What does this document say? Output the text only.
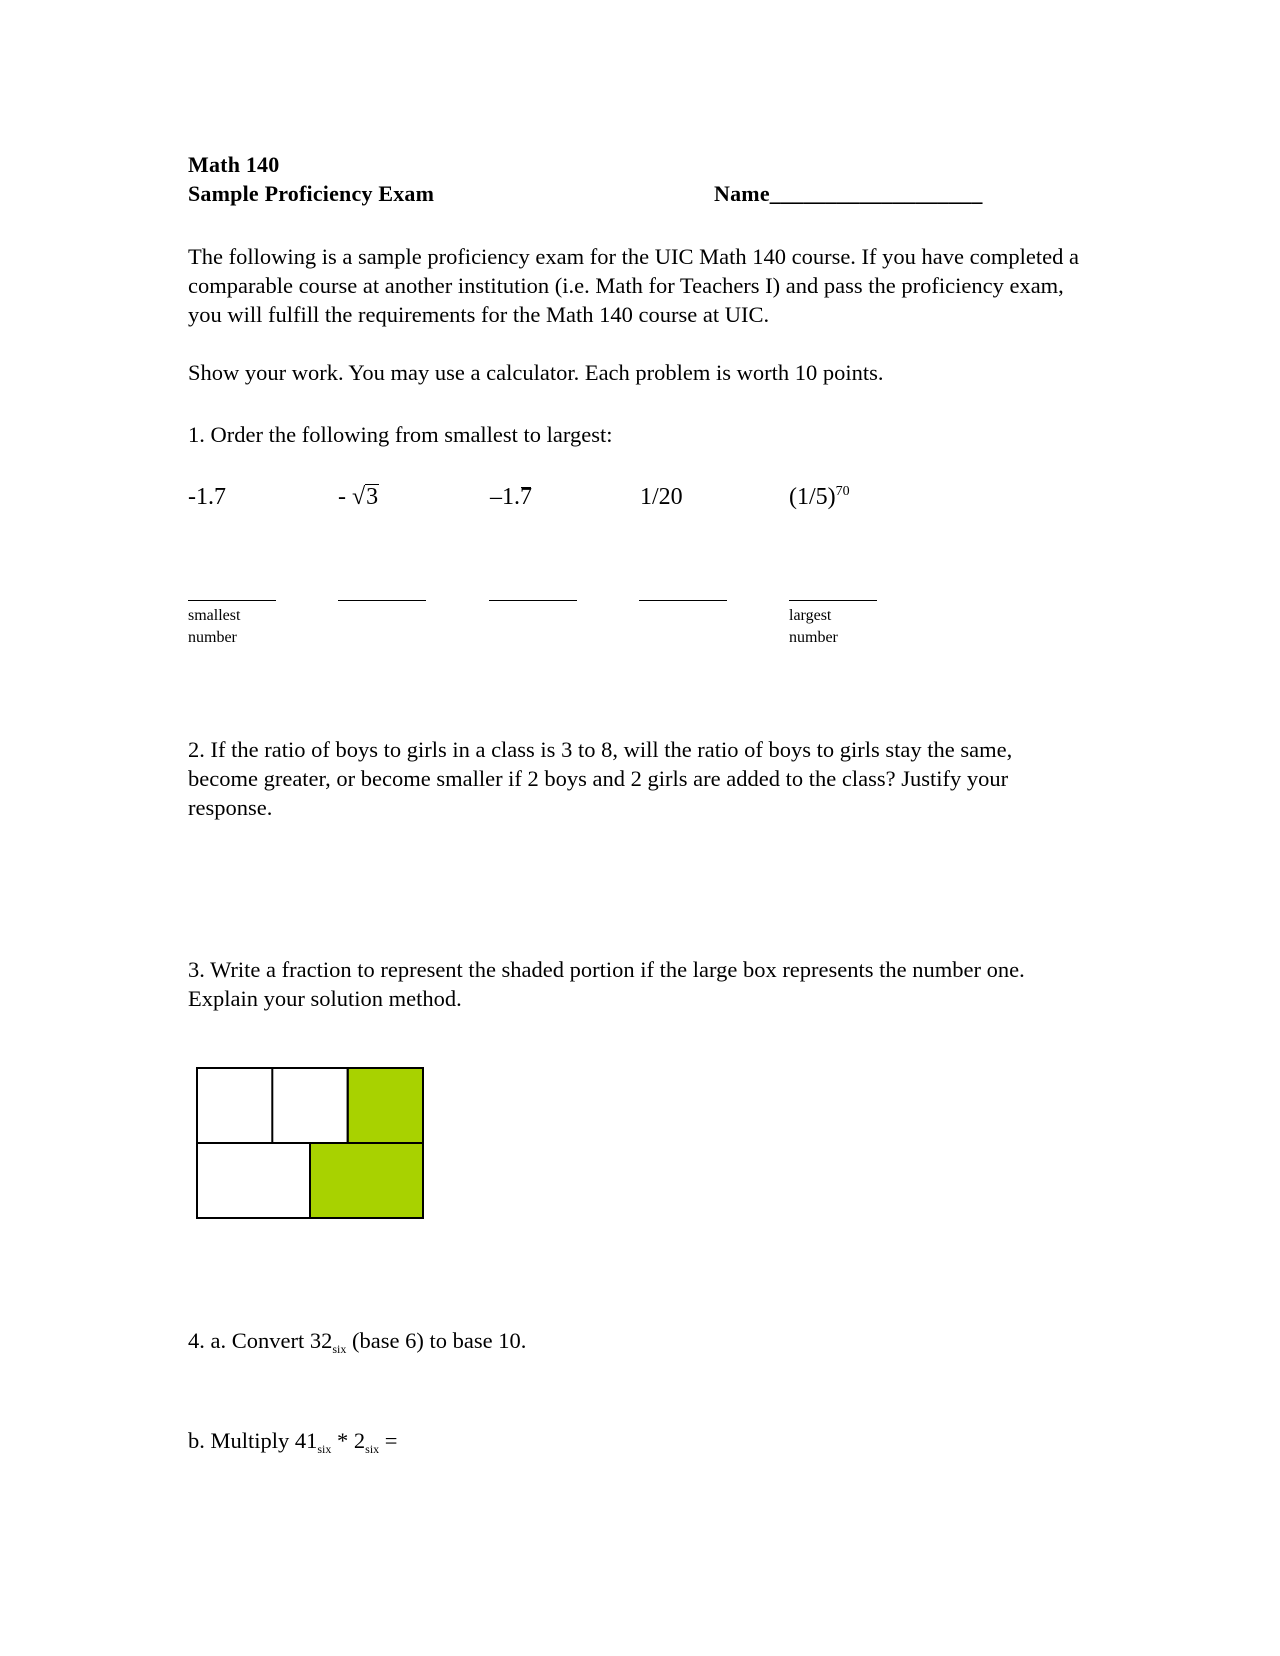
Math 140
Sample Proficiency Exam	Name___________________
The following is a sample proficiency exam for the UIC Math 140 course. If you have completed a comparable course at another institution (i.e. Math for Teachers I) and pass the proficiency exam, you will fulfill the requirements for the Math 140 course at UIC.
Show your work. You may use a calculator. Each problem is worth 10 points.
1. Order the following from smallest to largest:
-1.7	- √3	–1.7	1/20	$(1/5)^{70}$
smallest
number
largest
number
2. If the ratio of boys to girls in a class is 3 to 8, will the ratio of boys to girls stay the same, become greater, or become smaller if 2 boys and 2 girls are added to the class? Justify your response.
3. Write a fraction to represent the shaded portion if the large box represents the number one. Explain your solution method.
4. a. Convert $32_{six}$ (base 6) to base 10.
b. Multiply $41_{six} * 2_{six}$ =
